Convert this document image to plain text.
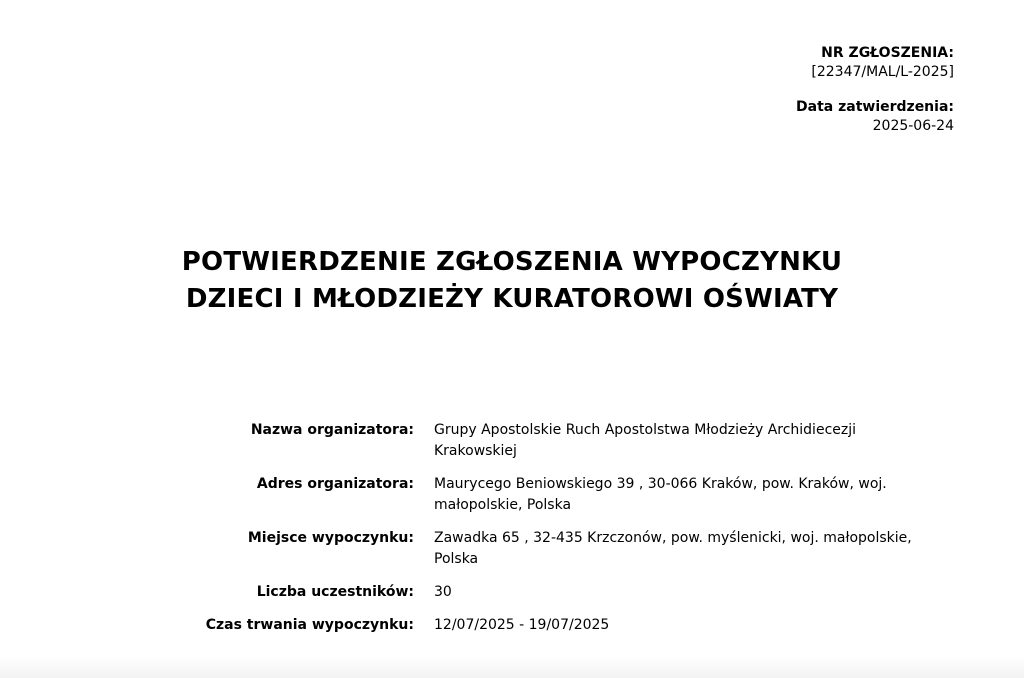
NR ZGŁOSZENIA:
[22347/MAL/L-2025]
Data zatwierdzenia:
2025-06-24
POTWIERDZENIE ZGŁOSZENIA WYPOCZYNKU
DZIECI I MŁODZIEŻY KURATOROWI OŚWIATY
Nazwa organizatora:	Grupy Apostolskie Ruch Apostolstwa Młodzieży Archidiecezji Krakowskiej
Adres organizatora:	Maurycego Beniowskiego 39 , 30-066 Kraków, pow. Kraków, woj. małopolskie, Polska
Miejsce wypoczynku:	Zawadka 65 , 32-435 Krzczonów, pow. myślenicki, woj. małopolskie, Polska
Liczba uczestników:	30
Czas trwania wypoczynku:	12/07/2025 - 19/07/2025
